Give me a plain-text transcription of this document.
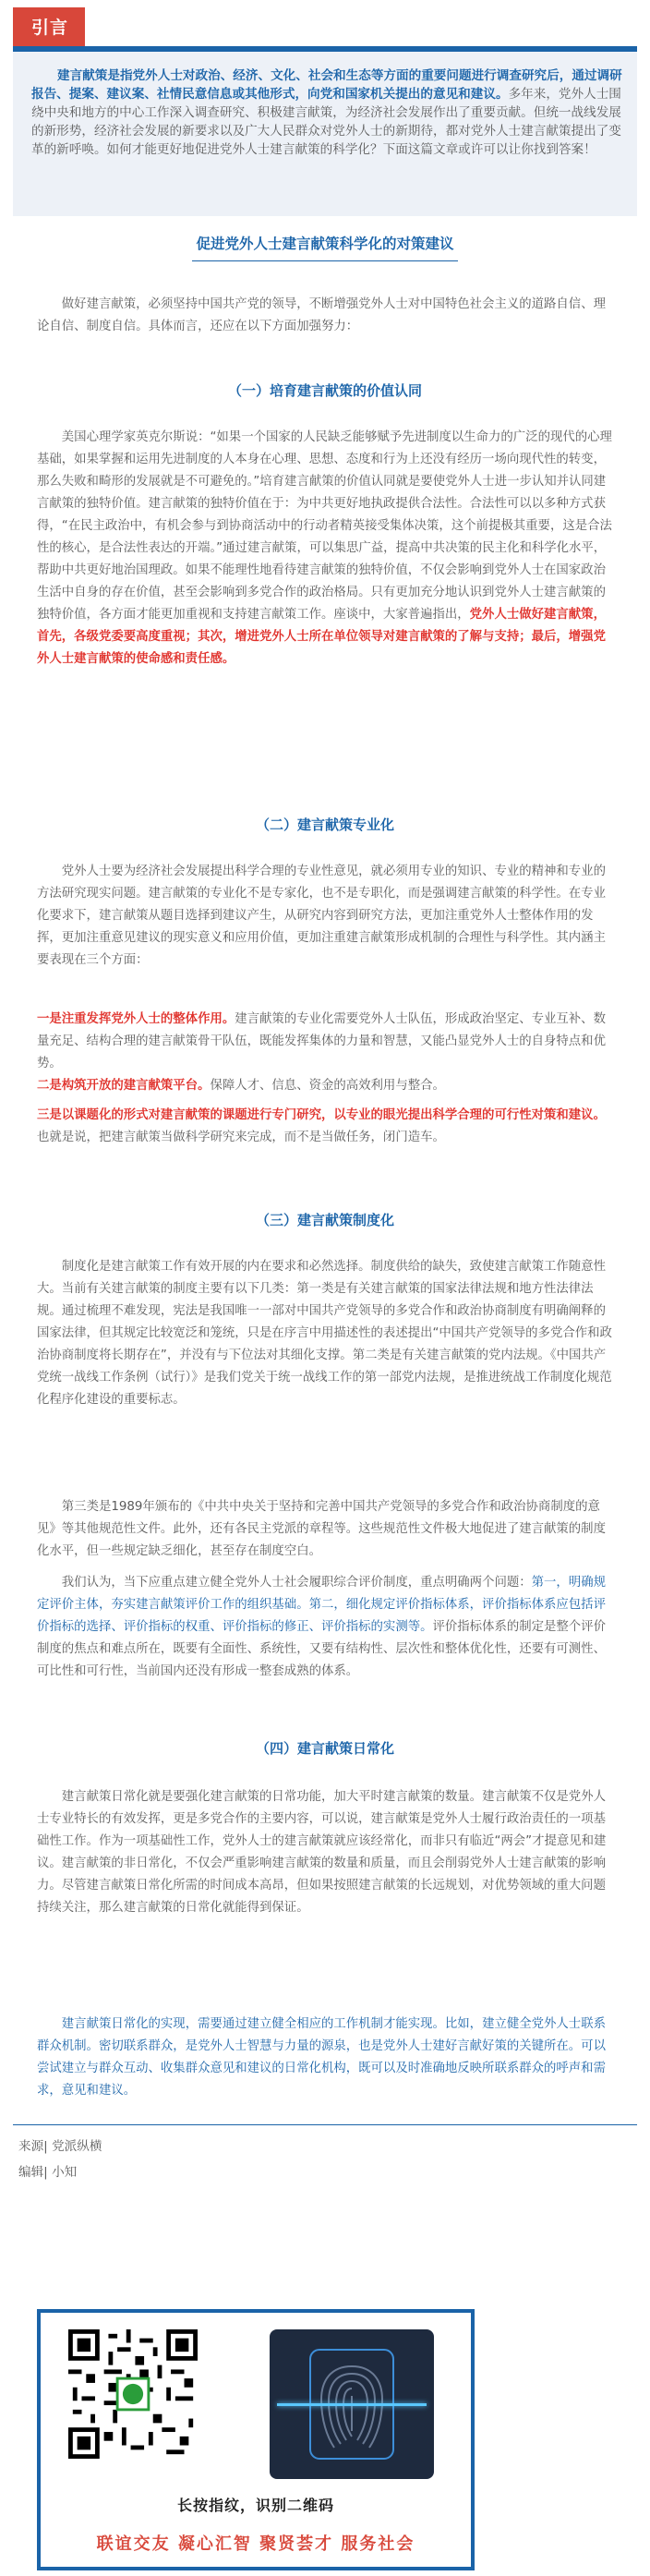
引言
建言献策是指党外人士对政治、经济、文化、社会和生态等方面的重要问题进行调查研究后，通过调研报告、提案、建议案、社情民意信息或其他形式，向党和国家机关提出的意见和建议。多年来，党外人士围绕中央和地方的中心工作深入调查研究、积极建言献策，为经济社会发展作出了重要贡献。但统一战线发展的新形势，经济社会发展的新要求以及广大人民群众对党外人士的新期待，都对党外人士建言献策提出了变革的新呼唤。如何才能更好地促进党外人士建言献策的科学化？下面这篇文章或许可以让你找到答案！
促进党外人士建言献策科学化的对策建议
做好建言献策，必须坚持中国共产党的领导，不断增强党外人士对中国特色社会主义的道路自信、理论自信、制度自信。具体而言，还应在以下方面加强努力：
（一）培育建言献策的价值认同
美国心理学家英克尔斯说：“如果一个国家的人民缺乏能够赋予先进制度以生命力的广泛的现代的心理基础，如果掌握和运用先进制度的人本身在心理、思想、态度和行为上还没有经历一场向现代性的转变，那么失败和畸形的发展就是不可避免的。”培育建言献策的价值认同就是要使党外人士进一步认知并认同建言献策的独特价值。建言献策的独特价值在于：为中共更好地执政提供合法性。合法性可以以多种方式获得，“在民主政治中，有机会参与到协商活动中的行动者精英接受集体决策，这个前提极其重要，这是合法性的核心，是合法性表达的开端。”通过建言献策，可以集思广益，提高中共决策的民主化和科学化水平，帮助中共更好地治国理政。如果不能理性地看待建言献策的独特价值，不仅会影响到党外人士在国家政治生活中自身的存在价值，甚至会影响到多党合作的政治格局。只有更加充分地认识到党外人士建言献策的独特价值，各方面才能更加重视和支持建言献策工作。座谈中，大家普遍指出，党外人士做好建言献策，首先，各级党委要高度重视；其次，增进党外人士所在单位领导对建言献策的了解与支持；最后，增强党外人士建言献策的使命感和责任感。
（二）建言献策专业化
党外人士要为经济社会发展提出科学合理的专业性意见，就必须用专业的知识、专业的精神和专业的方法研究现实问题。建言献策的专业化不是专家化，也不是专职化，而是强调建言献策的科学性。在专业化要求下，建言献策从题目选择到建议产生，从研究内容到研究方法，更加注重党外人士整体作用的发挥，更加注重意见建议的现实意义和应用价值，更加注重建言献策形成机制的合理性与科学性。其内涵主要表现在三个方面：
一是注重发挥党外人士的整体作用。建言献策的专业化需要党外人士队伍，形成政治坚定、专业互补、数量充足、结构合理的建言献策骨干队伍，既能发挥集体的力量和智慧，又能凸显党外人士的自身特点和优势。
二是构筑开放的建言献策平台。保障人才、信息、资金的高效利用与整合。
三是以课题化的形式对建言献策的课题进行专门研究，以专业的眼光提出科学合理的可行性对策和建议。也就是说，把建言献策当做科学研究来完成，而不是当做任务，闭门造车。
（三）建言献策制度化
制度化是建言献策工作有效开展的内在要求和必然选择。制度供给的缺失，致使建言献策工作随意性大。当前有关建言献策的制度主要有以下几类：第一类是有关建言献策的国家法律法规和地方性法律法规。通过梳理不难发现，宪法是我国唯一一部对中国共产党领导的多党合作和政治协商制度有明确阐释的国家法律，但其规定比较宽泛和笼统，只是在序言中用描述性的表述提出“中国共产党领导的多党合作和政治协商制度将长期存在”，并没有与下位法对其细化支撑。第二类是有关建言献策的党内法规。《中国共产党统一战线工作条例（试行）》是我们党关于统一战线工作的第一部党内法规，是推进统战工作制度化规范化程序化建设的重要标志。
第三类是1989年颁布的《中共中央关于坚持和完善中国共产党领导的多党合作和政治协商制度的意见》等其他规范性文件。此外，还有各民主党派的章程等。这些规范性文件极大地促进了建言献策的制度化水平，但一些规定缺乏细化，甚至存在制度空白。
我们认为，当下应重点建立健全党外人士社会履职综合评价制度，重点明确两个问题：第一，明确规定评价主体，夯实建言献策评价工作的组织基础。第二，细化规定评价指标体系，评价指标体系应包括评价指标的选择、评价指标的权重、评价指标的修正、评价指标的实测等。评价指标体系的制定是整个评价制度的焦点和难点所在，既要有全面性、系统性，又要有结构性、层次性和整体优化性，还要有可测性、可比性和可行性，当前国内还没有形成一整套成熟的体系。
（四）建言献策日常化
建言献策日常化就是要强化建言献策的日常功能，加大平时建言献策的数量。建言献策不仅是党外人士专业特长的有效发挥，更是多党合作的主要内容，可以说，建言献策是党外人士履行政治责任的一项基础性工作。作为一项基础性工作，党外人士的建言献策就应该经常化，而非只有临近“两会”才提意见和建议。建言献策的非日常化，不仅会严重影响建言献策的数量和质量，而且会削弱党外人士建言献策的影响力。尽管建言献策日常化所需的时间成本高昂，但如果按照建言献策的长远规划，对优势领域的重大问题持续关注，那么建言献策的日常化就能得到保证。
建言献策日常化的实现，需要通过建立健全相应的工作机制才能实现。比如，建立健全党外人士联系群众机制。密切联系群众，是党外人士智慧与力量的源泉，也是党外人士建好言献好策的关键所在。可以尝试建立与群众互动、收集群众意见和建议的日常化机构，既可以及时准确地反映所联系群众的呼声和需求，意见和建议。
来源| 党派纵横
编辑| 小知
长按指纹，识别二维码
联谊交友 凝心汇智 聚贤荟才 服务社会
